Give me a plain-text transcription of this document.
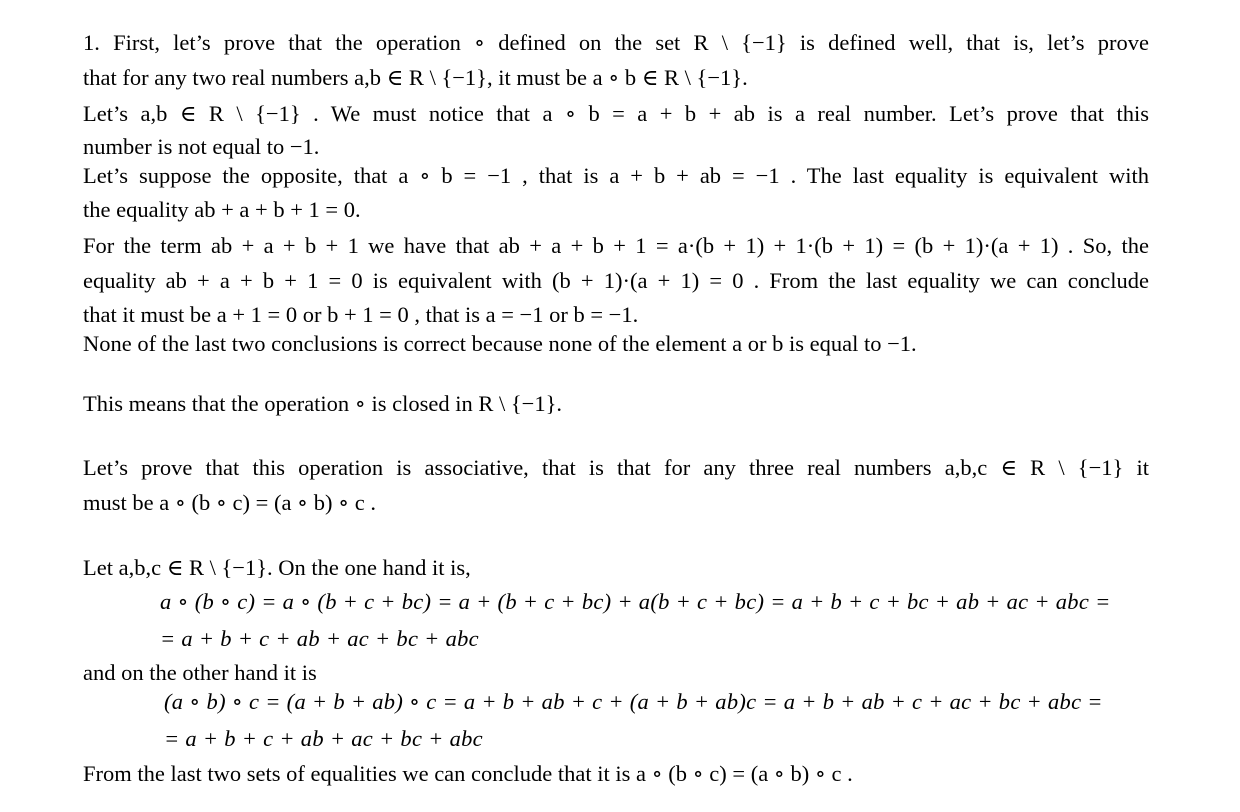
1. First, let’s prove that the operation ∘ defined on the set R \ {−1} is defined well, that is, let’s prove
that for any two real numbers a,b ∈ R \ {−1}, it must be a ∘ b ∈ R \ {−1}.
Let’s a,b ∈ R \ {−1} . We must notice that a ∘ b = a + b + ab is a real number. Let’s prove that this
number is not equal to −1.
Let’s suppose the opposite, that a ∘ b = −1 , that is a + b + ab = −1 . The last equality is equivalent with
the equality ab + a + b + 1 = 0.
For the term ab + a + b + 1 we have that ab + a + b + 1 = a·(b + 1) + 1·(b + 1) = (b + 1)·(a + 1) . So, the
equality ab + a + b + 1 = 0 is equivalent with (b + 1)·(a + 1) = 0 . From the last equality we can conclude
that it must be a + 1 = 0 or b + 1 = 0 , that is a = −1 or b = −1.
None of the last two conclusions is correct because none of the element a or b is equal to −1.
This means that the operation ∘ is closed in R \ {−1}.
Let’s prove that this operation is associative, that is that for any three real numbers a,b,c ∈ R \ {−1} it
must be a ∘ (b ∘ c) = (a ∘ b) ∘ c .
Let a,b,c ∈ R \ {−1}. On the one hand it is,
a ∘ (b ∘ c) = a ∘ (b + c + bc) = a + (b + c + bc) + a(b + c + bc) = a + b + c + bc + ab + ac + abc =
= a + b + c + ab + ac + bc + abc
and on the other hand it is
(a ∘ b) ∘ c = (a + b + ab) ∘ c = a + b + ab + c + (a + b + ab)c = a + b + ab + c + ac + bc + abc =
= a + b + c + ab + ac + bc + abc
From the last two sets of equalities we can conclude that it is a ∘ (b ∘ c) = (a ∘ b) ∘ c .
